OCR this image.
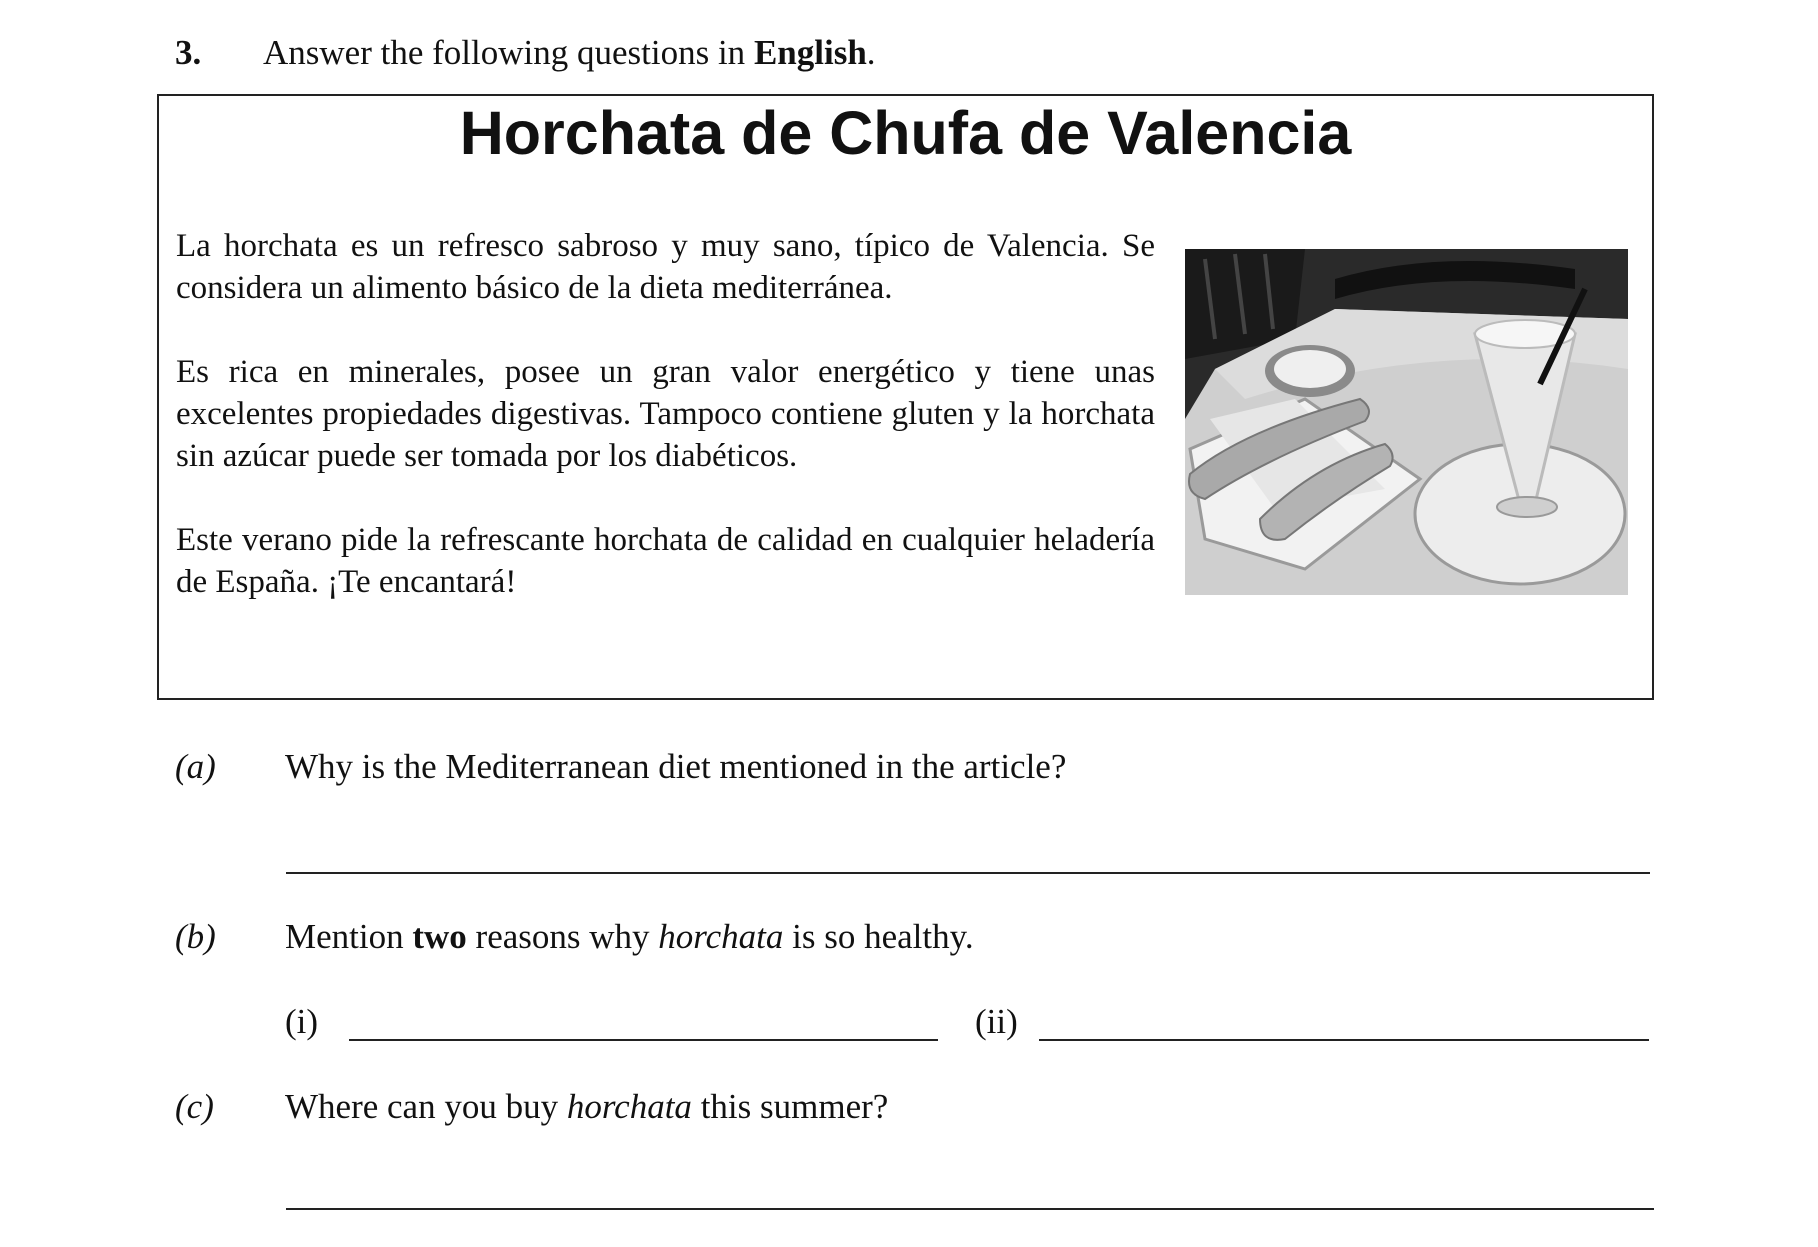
3. Answer the following questions in English.
Horchata de Chufa de Valencia

La horchata es un refresco sabroso y muy sano, típico de Valencia. Se considera un alimento básico de la dieta mediterránea.

Es rica en minerales, posee un gran valor energético y tiene unas excelentes propiedades digestivas. Tampoco contiene gluten y la horchata sin azúcar puede ser tomada por los diabéticos.

Este verano pide la refrescante horchata de calidad en cualquier heladería de España. ¡Te encantará!

(a) Why is the Mediterranean diet mentioned in the article?
(b) Mention two reasons why horchata is so healthy.
(i)	(ii)
(c) Where can you buy horchata this summer?
